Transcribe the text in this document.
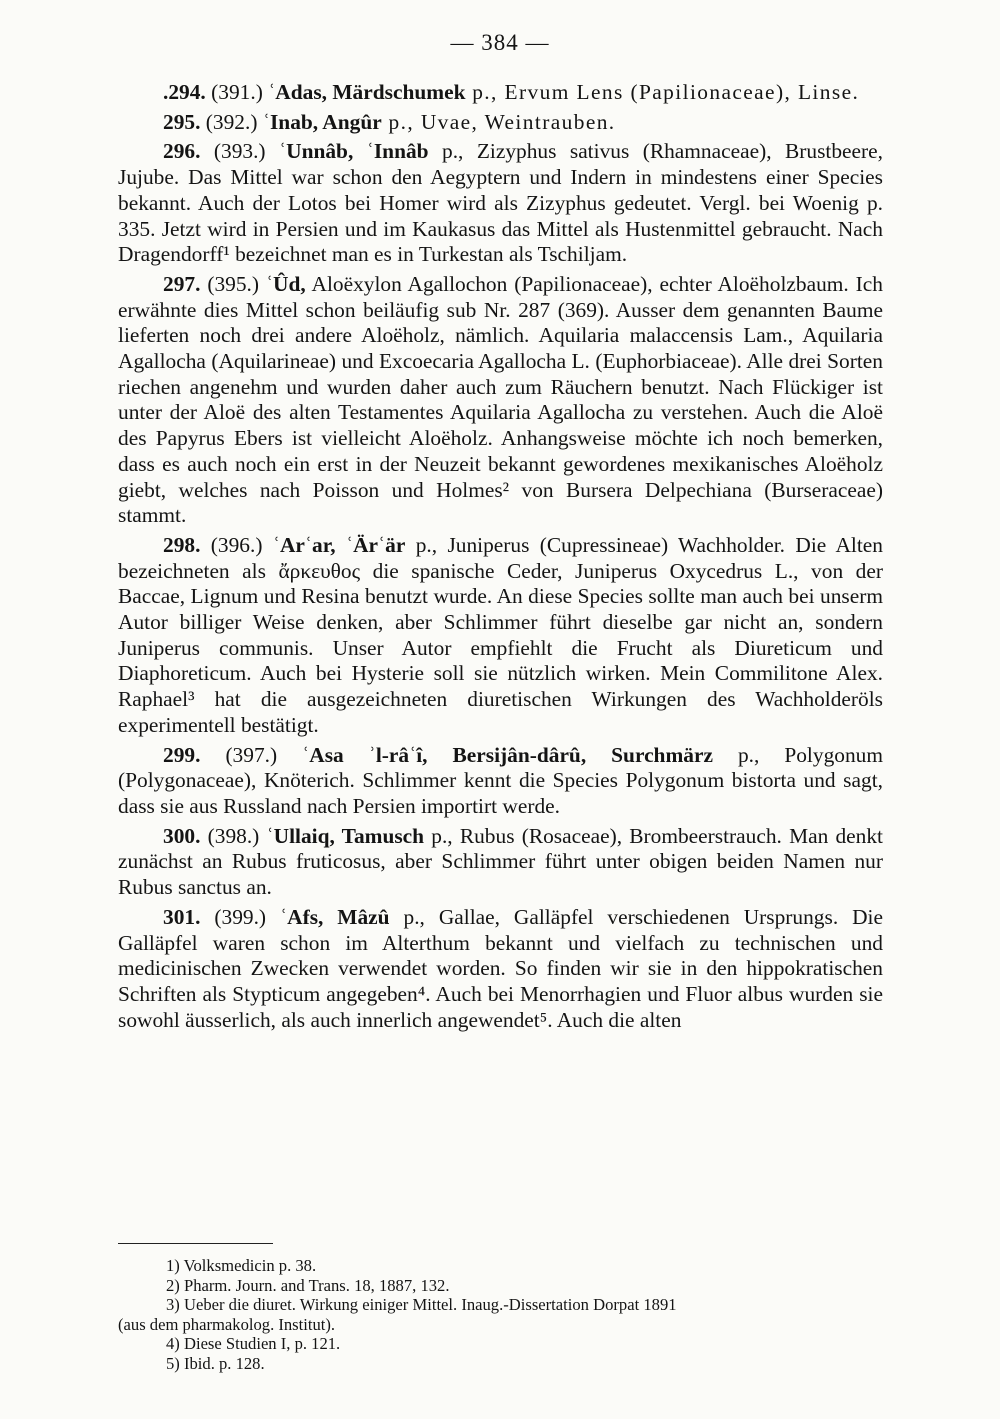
— 384 —

.294. (391.) ʿAdas, Märdschumek p., Ervum Lens (Papilionaceae), Linse.

295. (392.) ʿInab, Angûr p., Uvae, Weintrauben.

296. (393.) ʿUnnâb, ʿInnâb p., Zizyphus sativus (Rhamnaceae), Brustbeere, Jujube. Das Mittel war schon den Aegyptern und Indern in mindestens einer Species bekannt. Auch der Lotos bei Homer wird als Zizyphus gedeutet. Vergl. bei Woenig p. 335. Jetzt wird in Persien und im Kaukasus das Mittel als Hustenmittel gebraucht. Nach Dragendorff¹ bezeichnet man es in Turkestan als Tschiljam.

297. (395.) ʿÛd, Aloëxylon Agallochon (Papilionaceae), echter Aloëholzbaum. Ich erwähnte dies Mittel schon beiläufig sub Nr. 287 (369). Ausser dem genannten Baume lieferten noch drei andere Aloëholz, nämlich. Aquilaria malaccensis Lam., Aquilaria Agallocha (Aquilarineae) und Excoecaria Agallocha L. (Euphorbiaceae). Alle drei Sorten riechen angenehm und wurden daher auch zum Räuchern benutzt. Nach Flückiger ist unter der Aloë des alten Testamentes Aquilaria Agallocha zu verstehen. Auch die Aloë des Papyrus Ebers ist vielleicht Aloëholz. Anhangsweise möchte ich noch bemerken, dass es auch noch ein erst in der Neuzeit bekannt gewordenes mexikanisches Aloëholz giebt, welches nach Poisson und Holmes² von Bursera Delpechiana (Burseraceae) stammt.

298. (396.) ʿArʿar, ʿÄrʿär p., Juniperus (Cupressineae) Wachholder. Die Alten bezeichneten als ἄρκευθος die spanische Ceder, Juniperus Oxycedrus L., von der Baccae, Lignum und Resina benutzt wurde. An diese Species sollte man auch bei unserm Autor billiger Weise denken, aber Schlimmer führt dieselbe gar nicht an, sondern Juniperus communis. Unser Autor empfiehlt die Frucht als Diureticum und Diaphoreticum. Auch bei Hysterie soll sie nützlich wirken. Mein Commilitone Alex. Raphael³ hat die ausgezeichneten diuretischen Wirkungen des Wachholderöls experimentell bestätigt.

299. (397.) ʿAsa ʾl-râʿî, Bersijân-dârû, Surchmärz p., Polygonum (Polygonaceae), Knöterich. Schlimmer kennt die Species Polygonum bistorta und sagt, dass sie aus Russland nach Persien importirt werde.

300. (398.) ʿUllaiq, Tamusch p., Rubus (Rosaceae), Brombeerstrauch. Man denkt zunächst an Rubus fruticosus, aber Schlimmer führt unter obigen beiden Namen nur Rubus sanctus an.

301. (399.) ʿAfs, Mâzû p., Gallae, Galläpfel verschiedenen Ursprungs. Die Galläpfel waren schon im Alterthum bekannt und vielfach zu technischen und medicinischen Zwecken verwendet worden. So finden wir sie in den hippokratischen Schriften als Stypticum angegeben⁴. Auch bei Menorrhagien und Fluor albus wurden sie sowohl äusserlich, als auch innerlich angewendet⁵. Auch die alten

1) Volksmedicin p. 38.

2) Pharm. Journ. and Trans. 18, 1887, 132.

3) Ueber die diuret. Wirkung einiger Mittel. Inaug.-Dissertation Dorpat 1891

(aus dem pharmakolog. Institut).

4) Diese Studien I, p. 121.

5) Ibid. p. 128.
